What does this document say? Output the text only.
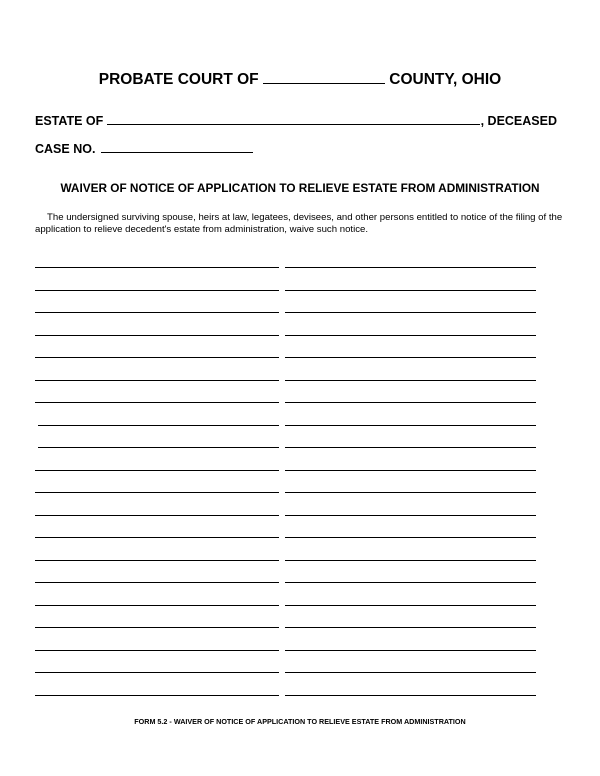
PROBATE COURT OF	COUNTY, OHIO
ESTATE OF	, DECEASED
CASE NO.
WAIVER OF NOTICE OF APPLICATION TO RELIEVE ESTATE FROM ADMINISTRATION
The undersigned surviving spouse, heirs at law, legatees, devisees, and other persons entitled to notice of the filing of the application to relieve decedent's estate from administration, waive such notice.
FORM 5.2 - WAIVER OF NOTICE OF APPLICATION TO RELIEVE ESTATE FROM ADMINISTRATION
